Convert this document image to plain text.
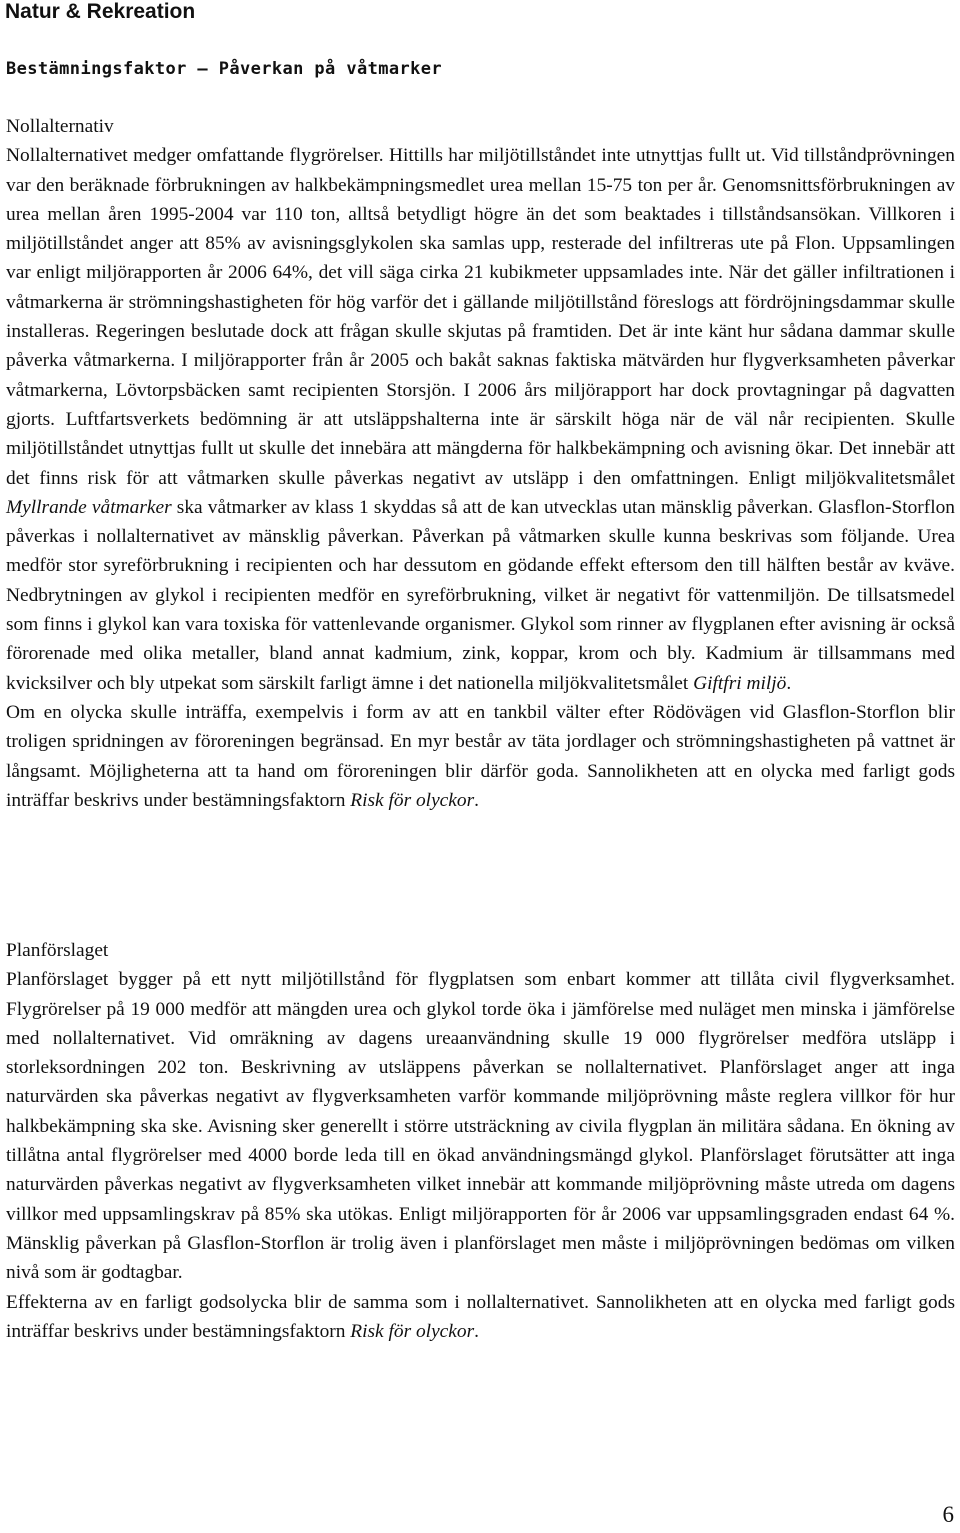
Natur & Rekreation
Bestämningsfaktor – Påverkan på våtmarker

Nollalternativ

Nollalternativet medger omfattande flygrörelser. Hittills har miljötillståndet inte utnyttjas fullt ut. Vid tillståndprövningen var den beräknade förbrukningen av halkbekämpningsmedlet urea mellan 15-75 ton per år. Genomsnittsförbrukningen av urea mellan åren 1995-2004 var 110 ton, alltså betydligt högre än det som beaktades i tillståndsansökan. Villkoren i miljötillståndet anger att 85% av avisningsglykolen ska samlas upp, resterade del infiltreras ute på Flon. Uppsamlingen var enligt miljörapporten år 2006 64%, det vill säga cirka 21 kubikmeter uppsamlades inte. När det gäller infiltrationen i våtmarkerna är strömningshastigheten för hög varför det i gällande miljötillstånd föreslogs att fördröjningsdammar skulle installeras. Regeringen beslutade dock att frågan skulle skjutas på framtiden. Det är inte känt hur sådana dammar skulle påverka våtmarkerna. I miljörapporter från år 2005 och bakåt saknas faktiska mätvärden hur flygverksamheten påverkar våtmarkerna, Lövtorpsbäcken samt recipienten Storsjön. I 2006 års miljörapport har dock provtagningar på dagvatten gjorts. Luftfartsverkets bedömning är att utsläppshalterna inte är särskilt höga när de väl når recipienten. Skulle miljötillståndet utnyttjas fullt ut skulle det innebära att mängderna för halkbekämpning och avisning ökar. Det innebär att det finns risk för att våtmarken skulle påverkas negativt av utsläpp i den omfattningen. Enligt miljökvalitetsmålet Myllrande våtmarker ska våtmarker av klass 1 skyddas så att de kan utvecklas utan mänsklig påverkan. Glasflon-Storflon påverkas i nollalternativet av mänsklig påverkan. Påverkan på våtmarken skulle kunna beskrivas som följande. Urea medför stor syreförbrukning i recipienten och har dessutom en gödande effekt eftersom den till hälften består av kväve. Nedbrytningen av glykol i recipienten medför en syreförbrukning, vilket är negativt för vattenmiljön. De tillsatsmedel som finns i glykol kan vara toxiska för vattenlevande organismer. Glykol som rinner av flygplanen efter avisning är också förorenade med olika metaller, bland annat kadmium, zink, koppar, krom och bly. Kadmium är tillsammans med kvicksilver och bly utpekat som särskilt farligt ämne i det nationella miljökvalitetsmålet Giftfri miljö.

Om en olycka skulle inträffa, exempelvis i form av att en tankbil välter efter Rödövägen vid Glasflon-Storflon blir troligen spridningen av föroreningen begränsad. En myr består av täta jordlager och strömningshastigheten på vattnet är långsamt. Möjligheterna att ta hand om föroreningen blir därför goda. Sannolikheten att en olycka med farligt gods inträffar beskrivs under bestämningsfaktorn Risk för olyckor.

Planförslaget

Planförslaget bygger på ett nytt miljötillstånd för flygplatsen som enbart kommer att tillåta civil flygverksamhet. Flygrörelser på 19 000 medför att mängden urea och glykol torde öka i jämförelse med nuläget men minska i jämförelse med nollalternativet. Vid omräkning av dagens ureaanvändning skulle 19 000 flygrörelser medföra utsläpp i storleksordningen 202 ton. Beskrivning av utsläppens påverkan se nollalternativet. Planförslaget anger att inga naturvärden ska påverkas negativt av flygverksamheten varför kommande miljöprövning måste reglera villkor för hur halkbekämpning ska ske. Avisning sker generellt i större utsträckning av civila flygplan än militära sådana. En ökning av tillåtna antal flygrörelser med 4000 borde leda till en ökad användningsmängd glykol. Planförslaget förutsätter att inga naturvärden påverkas negativt av flygverksamheten vilket innebär att kommande miljöprövning måste utreda om dagens villkor med uppsamlingskrav på 85% ska utökas. Enligt miljörapporten för år 2006 var uppsamlingsgraden endast 64 %. Mänsklig påverkan på Glasflon-Storflon är trolig även i planförslaget men måste i miljöprövningen bedömas om vilken nivå som är godtagbar.

Effekterna av en farligt godsolycka blir de samma som i nollalternativet. Sannolikheten att en olycka med farligt gods inträffar beskrivs under bestämningsfaktorn Risk för olyckor.

6
